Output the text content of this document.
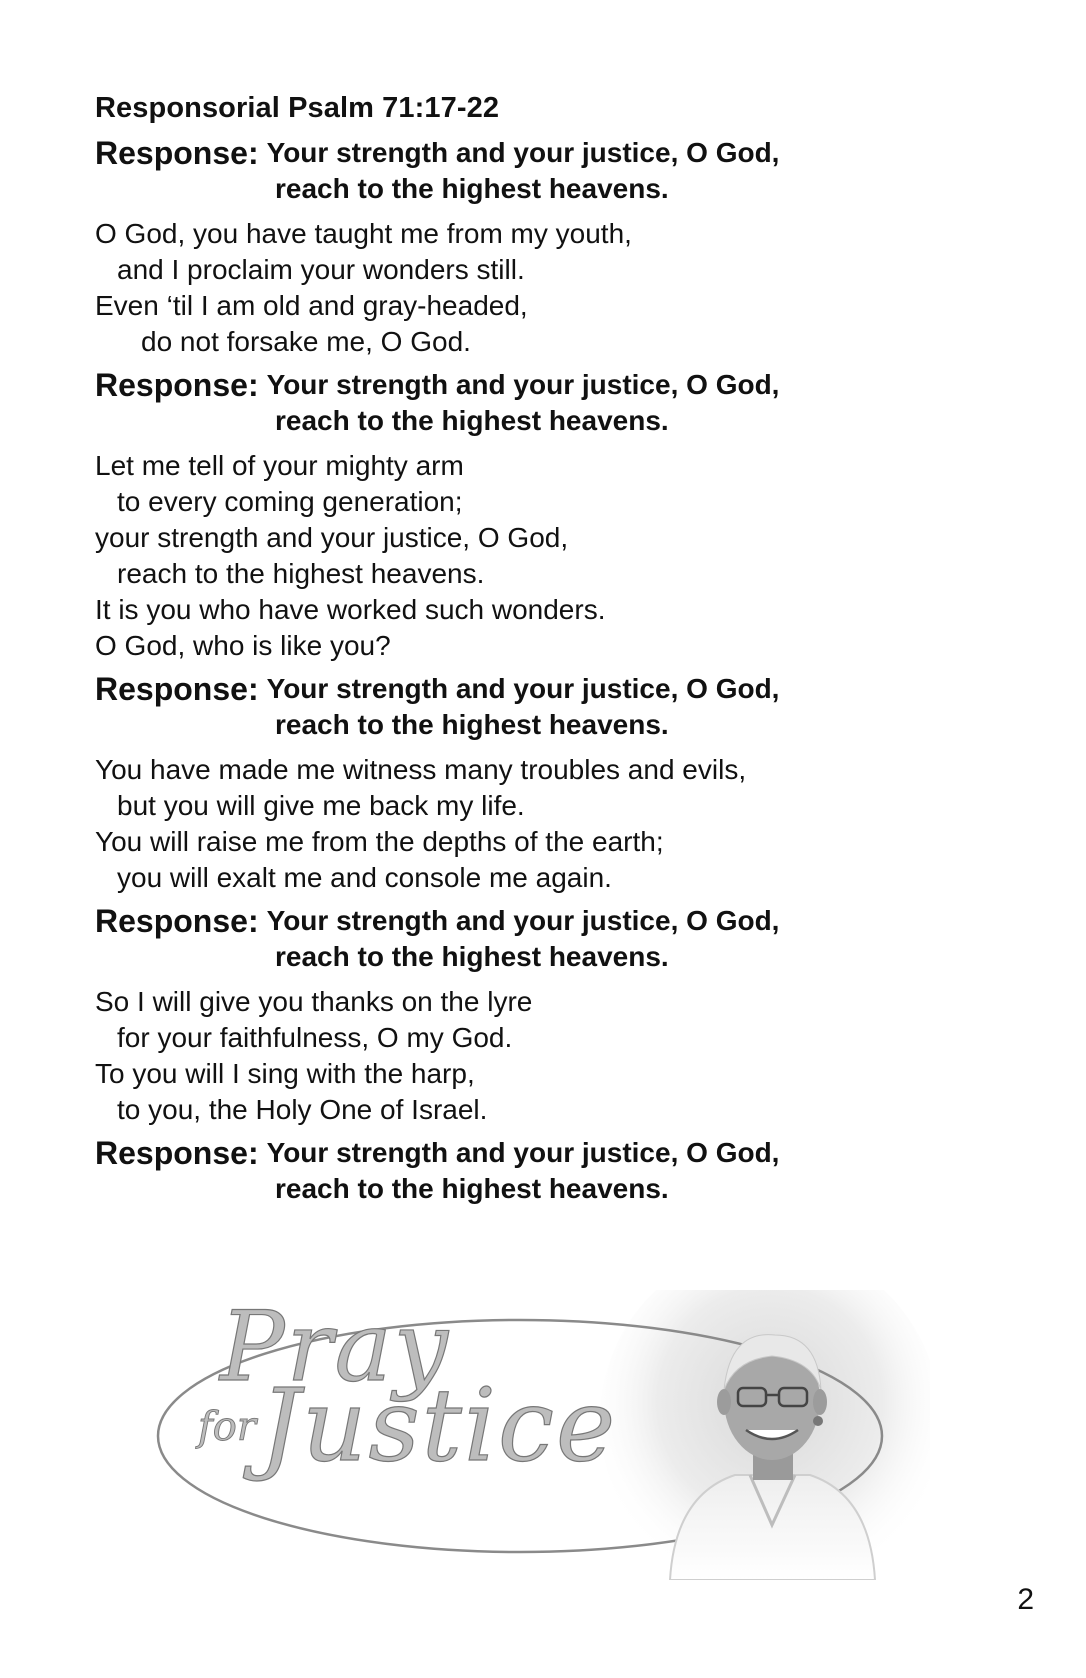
Responsorial Psalm 71:17-22
Response: Your strength and your justice, O God,
reach to the highest heavens.
O God, you have taught me from my youth,
and I proclaim your wonders still.
Even ‘til I am old and gray-headed,
do not forsake me, O God.
Response: Your strength and your justice, O God,
reach to the highest heavens.
Let me tell of your mighty arm
to every coming generation;
your strength and your justice, O God,
reach to the highest heavens.
It is you who have worked such wonders.
O God, who is like you?
Response: Your strength and your justice, O God,
reach to the highest heavens.
You have made me witness many troubles and evils,
but you will give me back my life.
You will raise me from the depths of the earth;
you will exalt me and console me again.
Response: Your strength and your justice, O God,
reach to the highest heavens.
So I will give you thanks on the lyre
for your faithfulness, O my God.
To you will I sing with the harp,
to you, the Holy One of Israel.
Response: Your strength and your justice, O God,
reach to the highest heavens.
Pray
for Justice
2
